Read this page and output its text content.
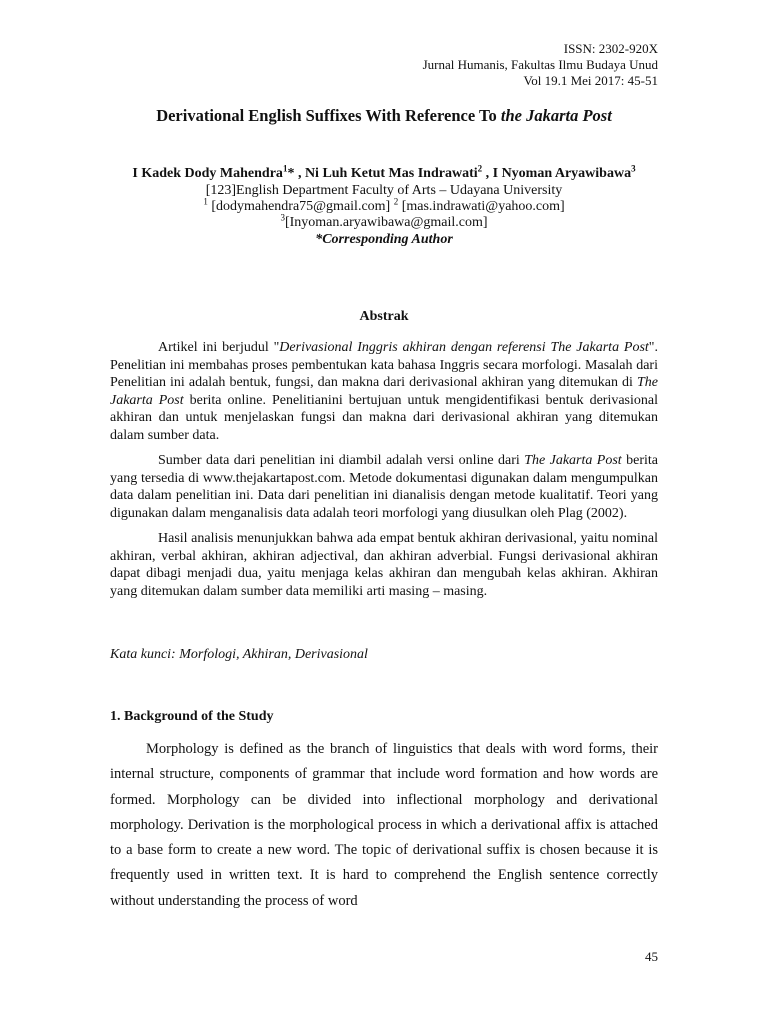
ISSN: 2302-920X
Jurnal Humanis, Fakultas Ilmu Budaya Unud
Vol 19.1 Mei 2017: 45-51
Derivational English Suffixes With Reference To the Jakarta Post
I Kadek Dody Mahendra$^1$* , Ni Luh Ketut Mas Indrawati$^2$ , I Nyoman Aryawibawa$^3$
[123]English Department Faculty of Arts – Udayana University
$^1$ [dodymahendra75@gmail.com] $^2$ [mas.indrawati@yahoo.com]
$^3$[Inyoman.aryawibawa@gmail.com]
*Corresponding Author
Abstrak

Artikel ini berjudul "Derivasional Inggris akhiran dengan referensi The Jakarta Post". Penelitian ini membahas proses pembentukan kata bahasa Inggris secara morfologi. Masalah dari Penelitian ini adalah bentuk, fungsi, dan makna dari derivasional akhiran yang ditemukan di The Jakarta Post berita online. Penelitianini bertujuan untuk mengidentifikasi bentuk derivasional akhiran dan untuk menjelaskan fungsi dan makna dari derivasional akhiran yang ditemukan dalam sumber data.

Sumber data dari penelitian ini diambil adalah versi online dari The Jakarta Post berita yang tersedia di www.thejakartapost.com. Metode dokumentasi digunakan dalam mengumpulkan data dalam penelitian ini. Data dari penelitian ini dianalisis dengan metode kualitatif. Teori yang digunakan dalam menganalisis data adalah teori morfologi yang diusulkan oleh Plag (2002).

Hasil analisis menunjukkan bahwa ada empat bentuk akhiran derivasional, yaitu nominal akhiran, verbal akhiran, akhiran adjectival, dan akhiran adverbial. Fungsi derivasional akhiran dapat dibagi menjadi dua, yaitu menjaga kelas akhiran dan mengubah kelas akhiran. Akhiran yang ditemukan dalam sumber data memiliki arti masing – masing.

Kata kunci: Morfologi, Akhiran, Derivasional
1. Background of the Study

Morphology is defined as the branch of linguistics that deals with word forms, their internal structure, components of grammar that include word formation and how words are formed. Morphology can be divided into inflectional morphology and derivational morphology. Derivation is the morphological process in which a derivational affix is attached to a base form to create a new word. The topic of derivational suffix is chosen because it is frequently used in written text. It is hard to comprehend the English sentence correctly without understanding the process of word

45
